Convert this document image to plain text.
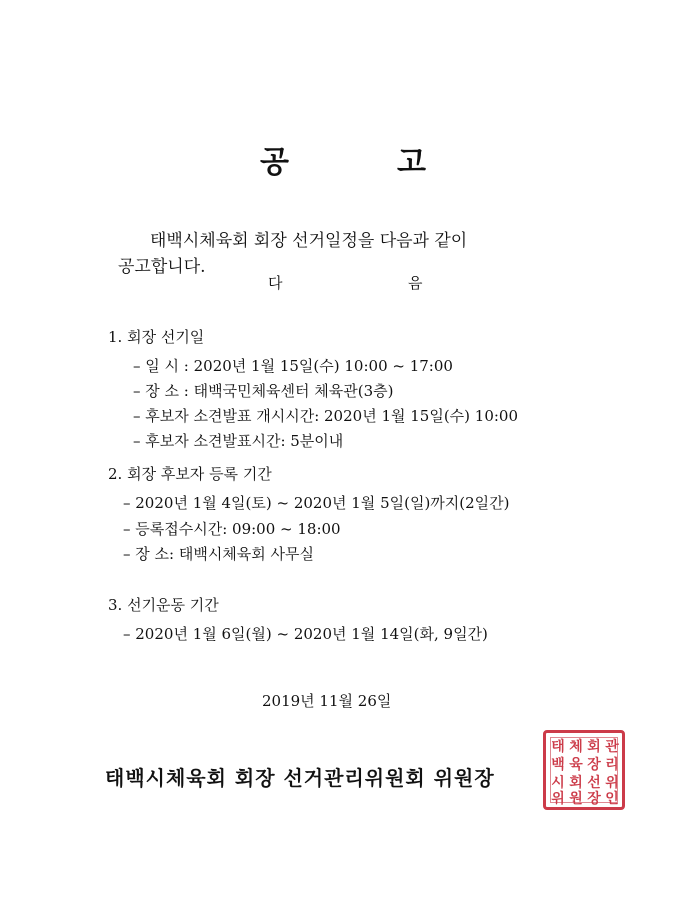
공	고
태백시체육회 회장 선거일정을 다음과 같이
공고합니다.
다	음
1. 회장 선기일
– 일 시 : 2020년 1월 15일(수) 10:00 ~ 17:00
– 장 소 : 태백국민체육센터 체육관(3층)
– 후보자 소견발표 개시시간: 2020년 1월 15일(수) 10:00
– 후보자 소견발표시간: 5분이내
2. 회장 후보자 등록 기간
– 2020년 1월 4일(토) ~ 2020년 1월 5일(일)까지(2일간)
– 등록접수시간: 09:00 ~ 18:00
– 장 소: 태백시체육회 사무실
3. 선기운동 기간
– 2020년 1월 6일(월) ~ 2020년 1월 14일(화, 9일간)
2019년 11월 26일
태백시체육회 회장 선거관리위원회 위원장
태
백
시
위
체
육
회
원
회
장
선
장
관
리
위
인
